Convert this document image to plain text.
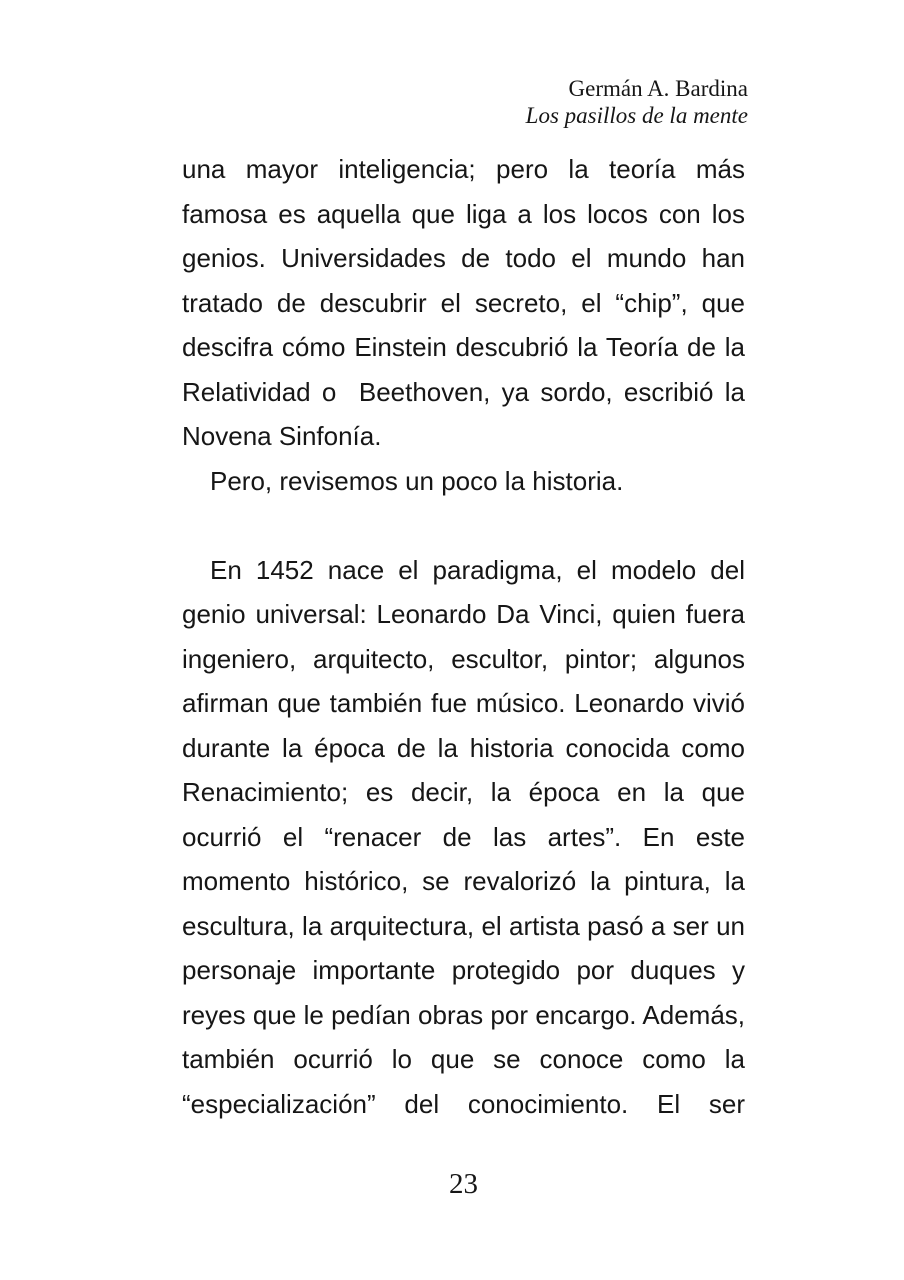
Germán A. Bardina
Los pasillos de la mente
una mayor inteligencia; pero la teoría más
famosa es aquella que liga a los locos con los
genios. Universidades de todo el mundo han
tratado de descubrir el secreto, el “chip”, que
descifra cómo Einstein descubrió la Teoría de la
Relatividad o  Beethoven, ya sordo, escribió la
Novena Sinfonía.
Pero, revisemos un poco la historia.
En 1452 nace el paradigma, el modelo del
genio universal: Leonardo Da Vinci, quien fuera
ingeniero, arquitecto, escultor, pintor; algunos
afirman que también fue músico. Leonardo vivió
durante la época de la historia conocida como
Renacimiento; es decir, la época en la que
ocurrió el “renacer de las artes”. En este
momento histórico, se revalorizó la pintura, la
escultura, la arquitectura, el artista pasó a ser un
personaje importante protegido por duques y
reyes que le pedían obras por encargo. Además,
también ocurrió lo que se conoce como la
“especialización” del conocimiento. El ser
23
